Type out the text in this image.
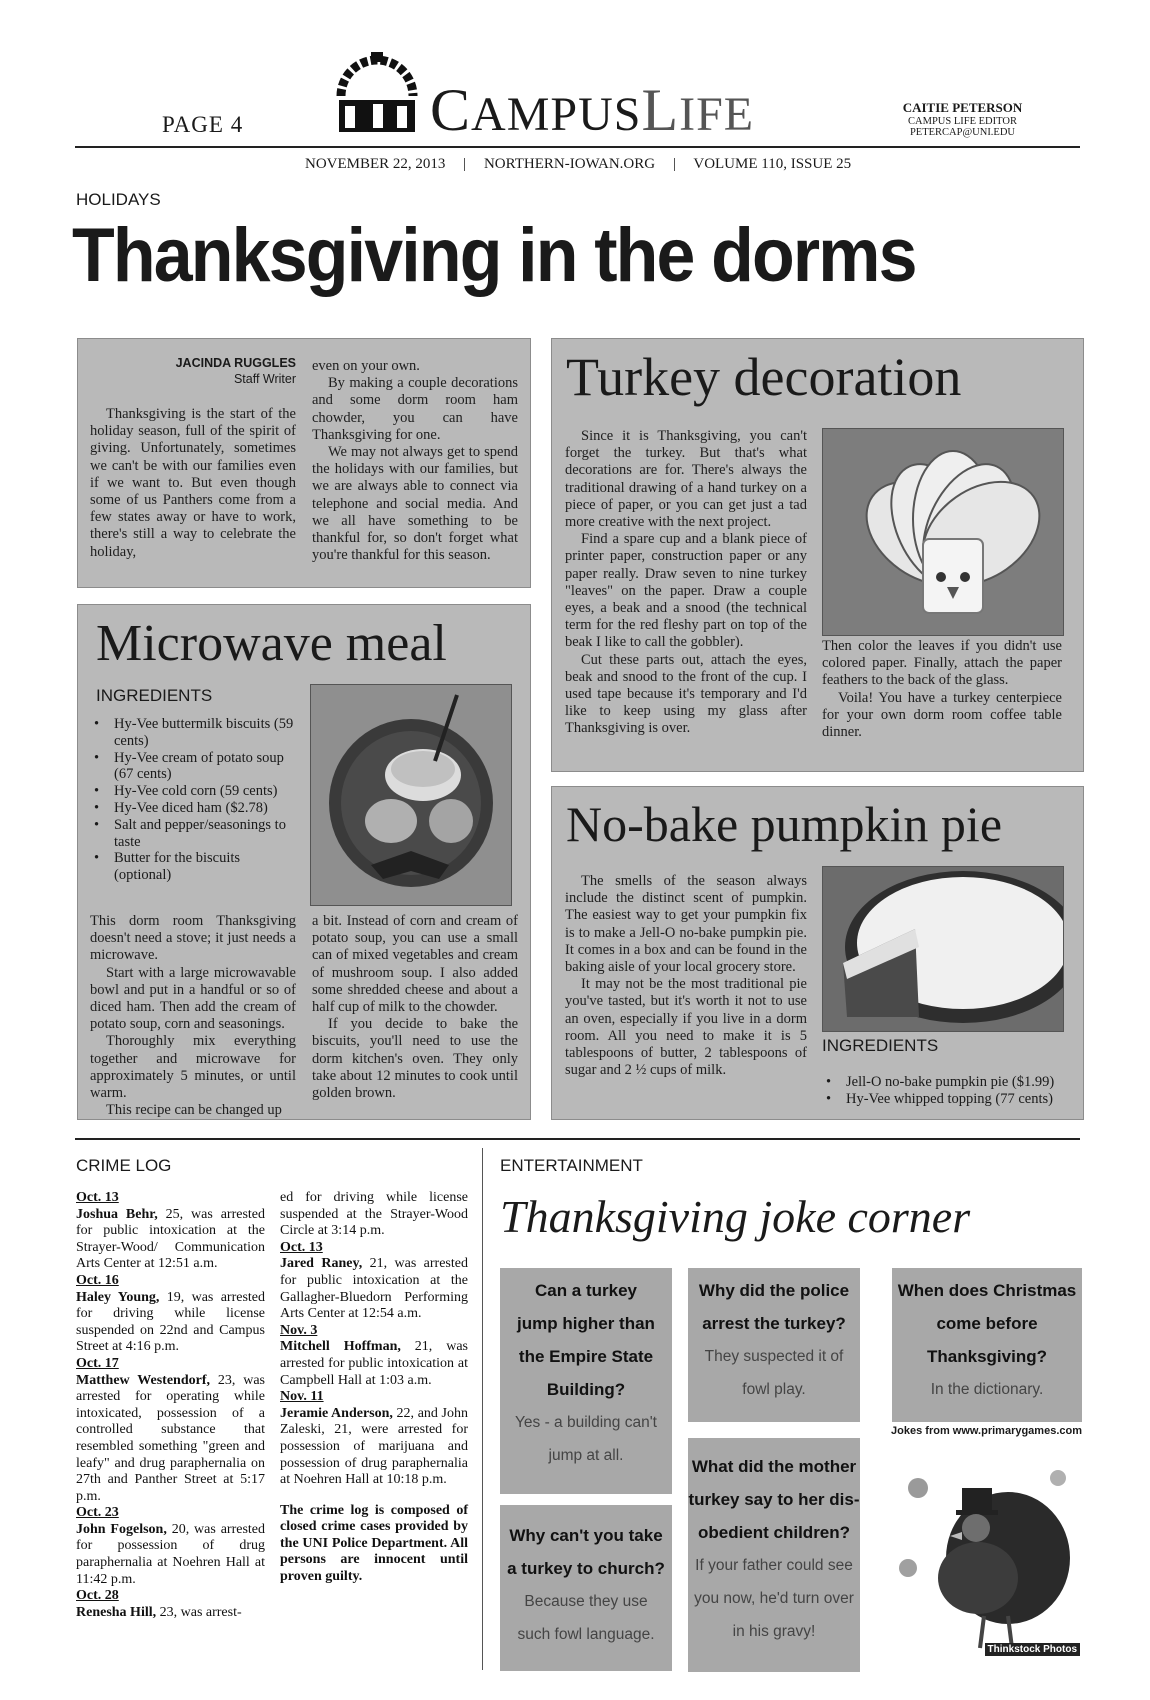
PAGE 4	CAMPUSLIFE	CAITIE PETERSON
CAMPUS LIFE EDITOR
PETERCAP@UNI.EDU
NOVEMBER 22, 2013 | NORTHERN-IOWAN.ORG | VOLUME 110, ISSUE 25
HOLIDAYS
Thanksgiving in the dorms
JACINDA RUGGLES
Staff Writer

Thanksgiving is the start of the holiday season, full of the spirit of giving. Unfortunately, sometimes we can't be with our families even if we want to. But even though some of us Panthers come from a few states away or have to work, there's still a way to celebrate the holiday,

even on your own.

By making a couple decorations and some dorm room ham chowder, you can have Thanksgiving for one.

We may not always get to spend the holidays with our families, but we are always able to connect via telephone and social media. And we all have something to be thankful for, so don't forget what you're thankful for this season.

Microwave meal
INGREDIENTS
• Hy-Vee buttermilk biscuits (59 cents)
• Hy-Vee cream of potato soup (67 cents)
• Hy-Vee cold corn (59 cents)
• Hy-Vee diced ham ($2.78)
• Salt and pepper/seasonings to taste
• Butter for the biscuits (optional)

This dorm room Thanksgiving doesn't need a stove; it just needs a microwave.

Start with a large microwavable bowl and put in a handful or so of diced ham. Then add the cream of potato soup, corn and seasonings.

Thoroughly mix everything together and microwave for approximately 5 minutes, or until warm.

This recipe can be changed up

a bit. Instead of corn and cream of potato soup, you can use a small can of mixed vegetables and cream of mushroom soup. I also added some shredded cheese and about a half cup of milk to the chowder.

If you decide to bake the biscuits, you'll need to use the dorm kitchen's oven. They only take about 12 minutes to cook until golden brown.

Turkey decoration

Since it is Thanksgiving, you can't forget the turkey. But that's what decorations are for. There's always the traditional drawing of a hand turkey on a piece of paper, or you can get just a tad more creative with the next project.

Find a spare cup and a blank piece of printer paper, construction paper or any paper really. Draw seven to nine turkey "leaves" on the paper. Draw a couple eyes, a beak and a snood (the technical term for the red fleshy part on top of the beak I like to call the gobbler).

Cut these parts out, attach the eyes, beak and snood to the front of the cup. I used tape because it's temporary and I'd like to keep using my glass after Thanksgiving is over.

Then color the leaves if you didn't use colored paper. Finally, attach the paper feathers to the back of the glass.

Voila! You have a turkey centerpiece for your own dorm room coffee table dinner.

No-bake pumpkin pie

The smells of the season always include the distinct scent of pumpkin. The easiest way to get your pumpkin fix is to make a Jell-O no-bake pumpkin pie. It comes in a box and can be found in the baking aisle of your local grocery store.

It may not be the most traditional pie you've tasted, but it's worth it not to use an oven, especially if you live in a dorm room. All you need to make it is 5 tablespoons of butter, 2 tablespoons of sugar and 2 ½ cups of milk.

INGREDIENTS
• Jell-O no-bake pumpkin pie ($1.99)
• Hy-Vee whipped topping (77 cents)
CRIME LOG
Oct. 13

Joshua Behr, 25, was arrested for public intoxication at the Strayer-Wood/ Communication Arts Center at 12:51 a.m.

Oct. 16

Haley Young, 19, was arrested for driving while license suspended on 22nd and Campus Street at 4:16 p.m.

Oct. 17

Matthew Westendorf, 23, was arrested for operating while intoxicated, possession of a controlled substance that resembled something "green and leafy" and drug paraphernalia on 27th and Panther Street at 5:17 p.m.

Oct. 23

John Fogelson, 20, was arrested for possession of drug paraphernalia at Noehren Hall at 11:42 p.m.

Oct. 28

Renesha Hill, 23, was arrest-

ed for driving while license suspended at the Strayer-Wood Circle at 3:14 p.m.

Oct. 13

Jared Raney, 21, was arrested for public intoxication at the Gallagher-Bluedorn Performing Arts Center at 12:54 a.m.

Nov. 3

Mitchell Hoffman, 21, was arrested for public intoxication at Campbell Hall at 1:03 a.m.

Nov. 11

Jeramie Anderson, 22, and John Zaleski, 21, were arrested for possession of marijuana and possession of drug paraphernalia at Noehren Hall at 10:18 p.m.

The crime log is composed of closed crime cases provided by the UNI Police Department. All persons are innocent until proven guilty.

ENTERTAINMENT
Thanksgiving joke corner
Can a turkey
jump higher than
the Empire State
Building?
Yes - a building can't
jump at all.
Why did the police
arrest the turkey?
They suspected it of
fowl play.
When does Christmas
come before
Thanksgiving?
In the dictionary.
Why can't you take
a turkey to church?
Because they use
such fowl language.
What did the mother
turkey say to her dis-
obedient children?
If your father could see
you now, he'd turn over
in his gravy!
Jokes from www.primarygames.com
Thinkstock Photos
